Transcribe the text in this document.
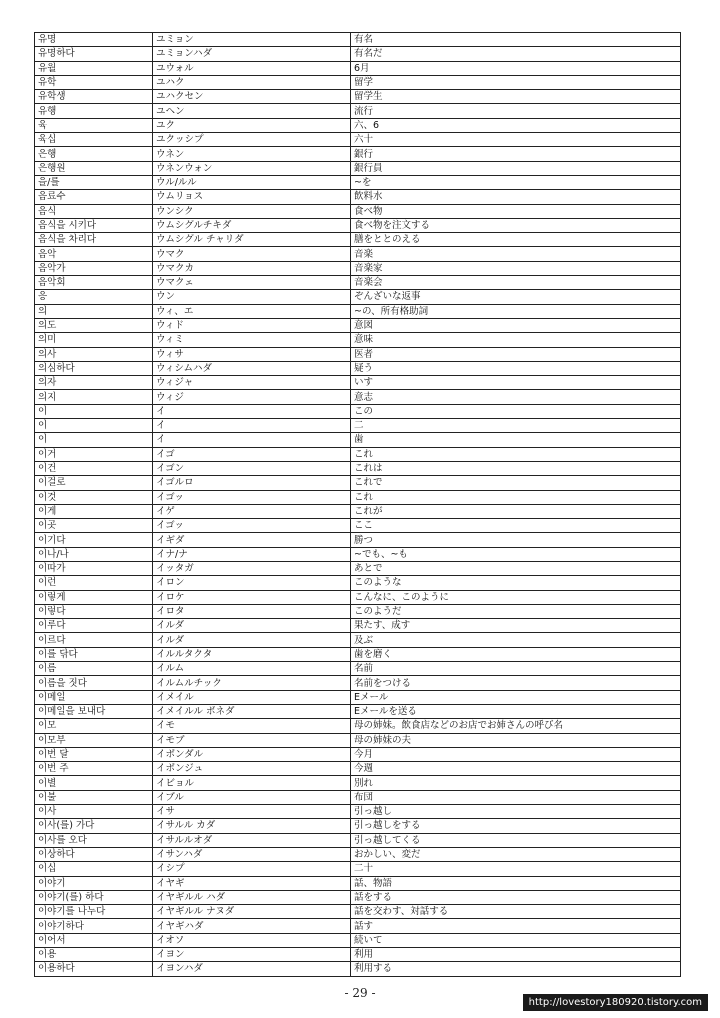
유명	ユミョン	有名
유명하다	ユミョンハダ	有名だ
유월	ユウォル	6月
유학	ユハク	留学
유학생	ユハクセン	留学生
유행	ユヘン	流行
육	ユク	六、6
육십	ユクッシプ	六十
은행	ウネン	銀行
은행원	ウネンウォン	銀行員
을/를	ウル/ルル	~を
음료수	ウムリョス	飲料水
음식	ウンシク	食べ物
음식을 시키다	ウムシグルチキダ	食べ物を注文する
음식을 차리다	ウムシグル チャリダ	膳をととのえる
음악	ウマク	音楽
음악가	ウマクカ	音楽家
음악회	ウマクェ	音楽会
응	ウン	ぞんざいな返事
의	ウィ、エ	~の、所有格助詞
의도	ウィド	意図
의미	ウィミ	意味
의사	ウィサ	医者
의심하다	ウィシムハダ	疑う
의자	ウィジャ	いす
의지	ウィジ	意志
이	イ	この
이	イ	二
이	イ	歯
이거	イゴ	これ
이건	イゴン	これは
이걸로	イゴルロ	これで
이것	イゴッ	これ
이게	イゲ	これが
이곳	イゴッ	ここ
이기다	イギダ	勝つ
이나/나	イナ/ナ	~でも、~も
이따가	イッタガ	あとで
이런	イロン	このような
이렇게	イロケ	こんなに、このように
이렇다	イロタ	このようだ
이루다	イルダ	果たす、成す
이르다	イルダ	及ぶ
이를 닦다	イルルタクタ	歯を磨く
이름	イルム	名前
이름을 짓다	イルムルチック	名前をつける
이메일	イメイル	Eメール
이메일을 보내다	イメイルル ボネダ	Eメールを送る
이모	イモ	母の姉妹。飲食店などのお店でお姉さんの呼び名
이모부	イモブ	母の姉妹の夫
이번 달	イボンダル	今月
이번 주	イボンジュ	今週
이별	イビョル	別れ
이불	イブル	布団
이사	イサ	引っ越し
이사(를) 가다	イサルル カダ	引っ越しをする
이사를 오다	イサルルオダ	引っ越してくる
이상하다	イサンハダ	おかしい、変だ
이십	イシプ	二十
이야기	イヤギ	話、物語
이야기(를) 하다	イヤギルル ハダ	話をする
이야기를 나누다	イヤギルル ナヌダ	話を交わす、対話する
이야기하다	イヤギハダ	話す
이어서	イオソ	続いて
이용	イヨン	利用
이용하다	イヨンハダ	利用する
- 29 -
http://lovestory180920.tistory.com
